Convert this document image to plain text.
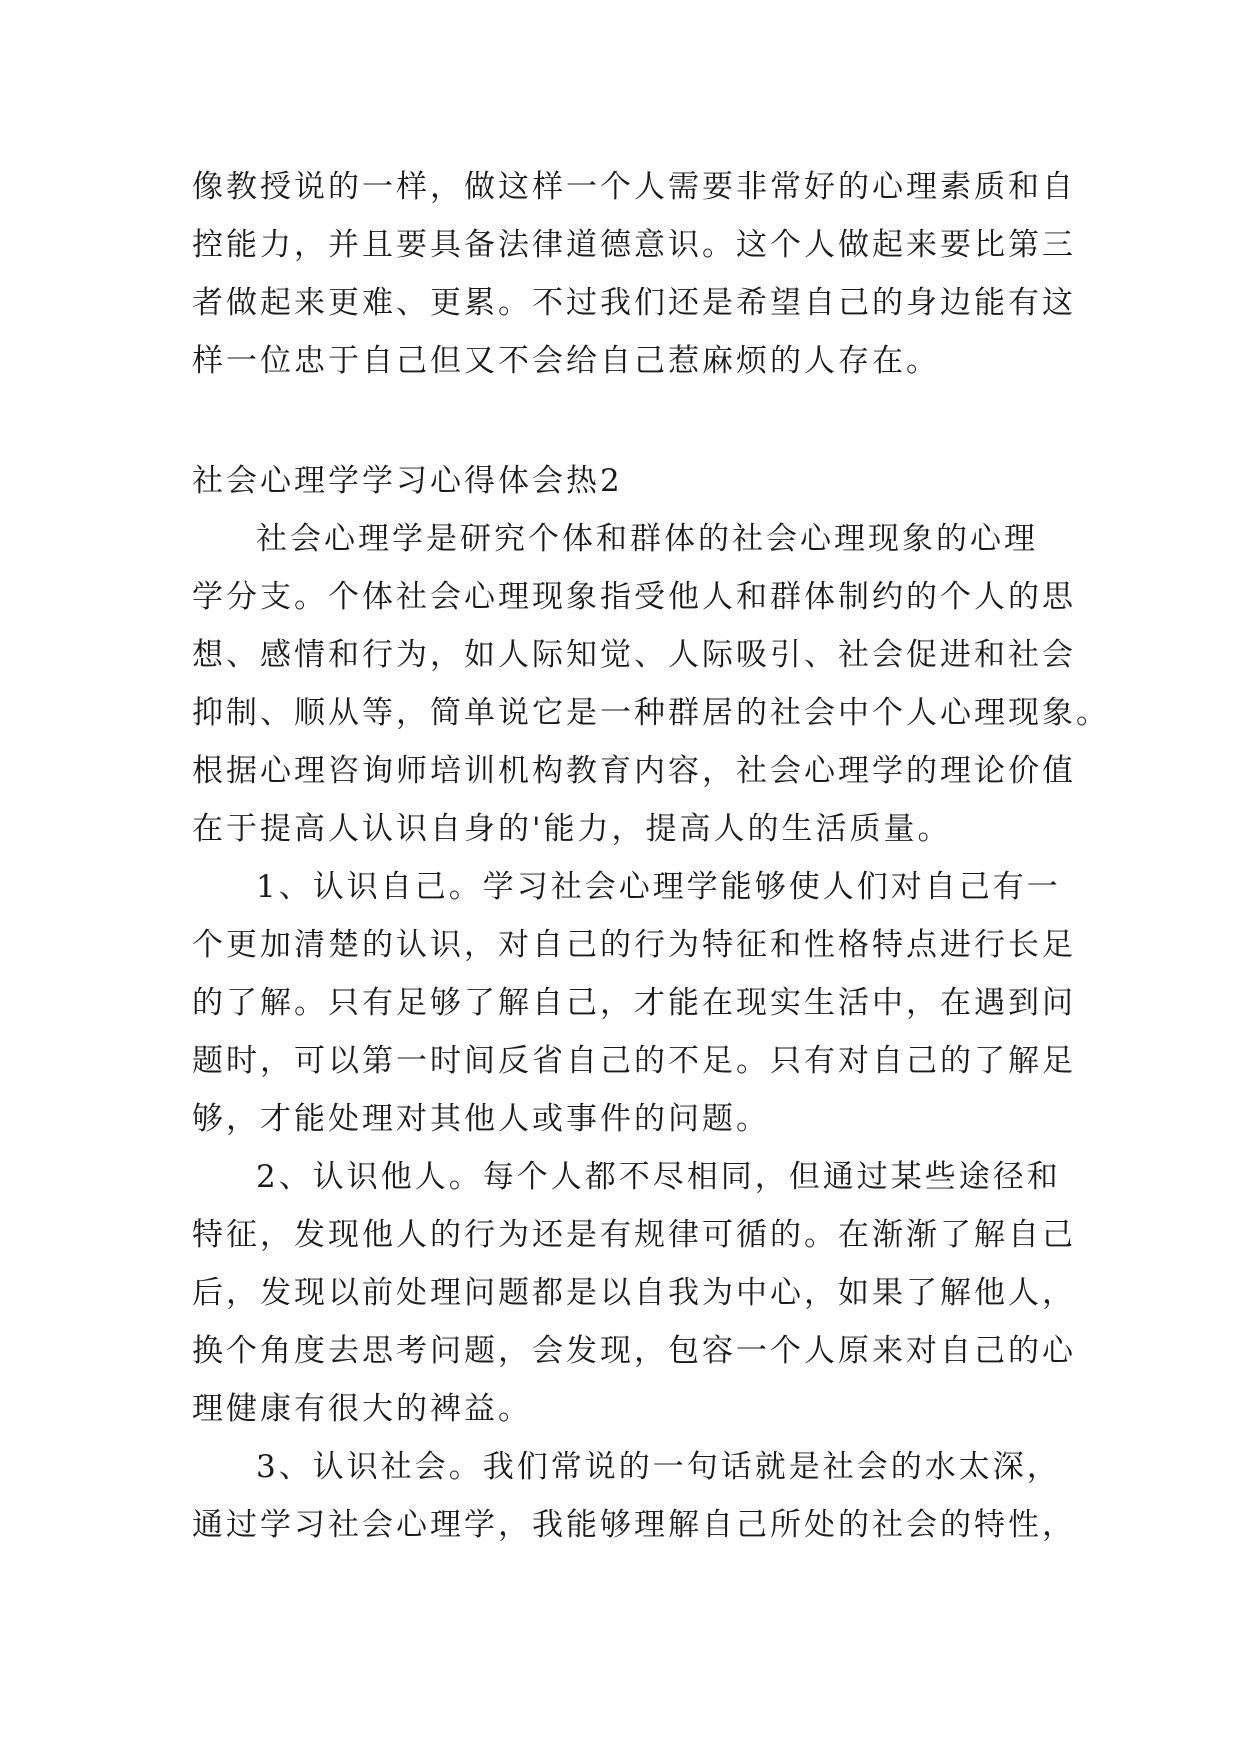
像教授说的一样，做这样一个人需要非常好的心理素质和自
控能力，并且要具备法律道德意识。这个人做起来要比第三
者做起来更难、更累。不过我们还是希望自己的身边能有这
样一位忠于自己但又不会给自己惹麻烦的人存在。
社会心理学学习心得体会热2
社会心理学是研究个体和群体的社会心理现象的心理
学分支。个体社会心理现象指受他人和群体制约的个人的思
想、感情和行为，如人际知觉、人际吸引、社会促进和社会
抑制、顺从等，简单说它是一种群居的社会中个人心理现象。
根据心理咨询师培训机构教育内容，社会心理学的理论价值
在于提高人认识自身的'能力，提高人的生活质量。
1、认识自己。学习社会心理学能够使人们对自己有一
个更加清楚的认识，对自己的行为特征和性格特点进行长足
的了解。只有足够了解自己，才能在现实生活中，在遇到问
题时，可以第一时间反省自己的不足。只有对自己的了解足
够，才能处理对其他人或事件的问题。
2、认识他人。每个人都不尽相同，但通过某些途径和
特征，发现他人的行为还是有规律可循的。在渐渐了解自己
后，发现以前处理问题都是以自我为中心，如果了解他人，
换个角度去思考问题，会发现，包容一个人原来对自己的心
理健康有很大的裨益。
3、认识社会。我们常说的一句话就是社会的水太深，
通过学习社会心理学，我能够理解自己所处的社会的特性，
